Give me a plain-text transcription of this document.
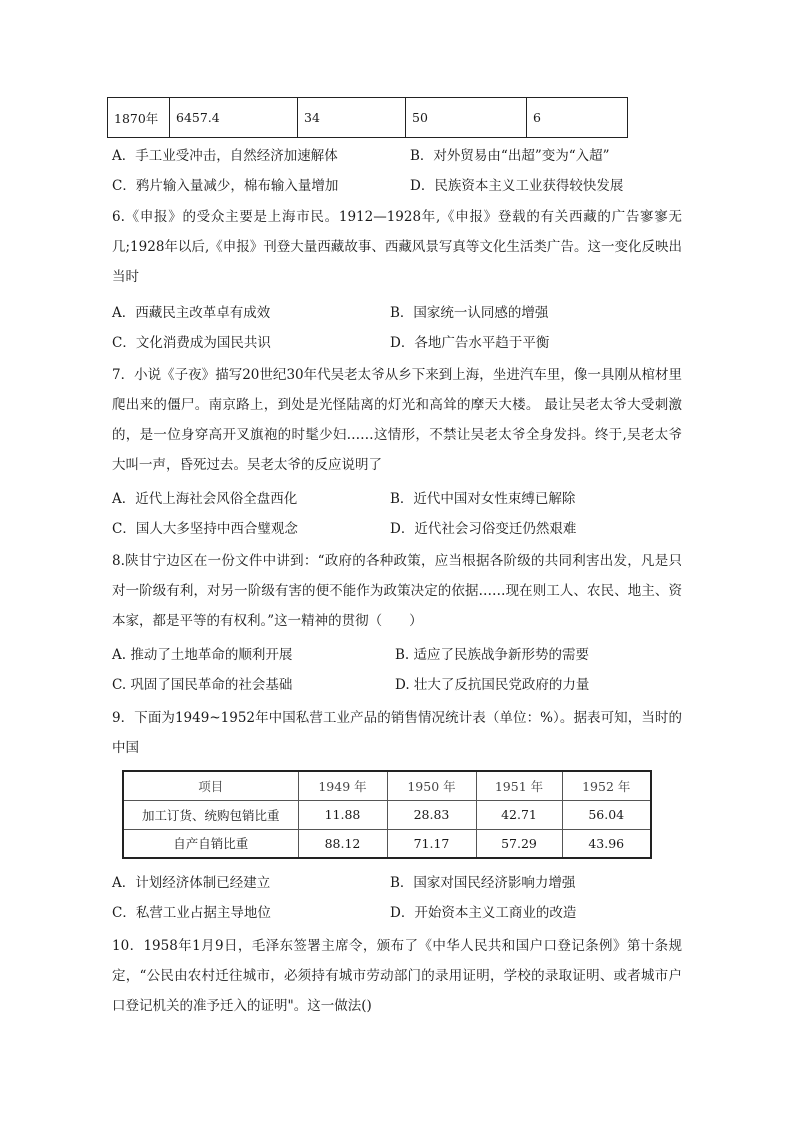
1870年	6457.4	34	50	6
A．手工业受冲击，自然经济加速解体	B．对外贸易由“出超”变为“入超”
C．鸦片输入量减少，棉布输入量增加	D．民族资本主义工业获得较快发展
6.《申报》的受众主要是上海市民。1912—1928年,《申报》登载的有关西藏的广告寥寥无几;1928年以后,《申报》刊登大量西藏故事、西藏风景写真等文化生活类广告。这一变化反映出当时
A．西藏民主改革卓有成效	B．国家统一认同感的增强
C．文化消费成为国民共识	D．各地广告水平趋于平衡
7．小说《子夜》描写20世纪30年代吴老太爷从乡下来到上海，坐进汽车里，像一具刚从棺材里爬出来的僵尸。南京路上，到处是光怪陆离的灯光和高耸的摩天大楼。 最让吴老太爷大受刺激的，是一位身穿高开叉旗袍的时髦少妇……这情形，不禁让吴老太爷全身发抖。终于,吴老太爷大叫一声，昏死过去。吴老太爷的反应说明了
A．近代上海社会风俗全盘西化	B．近代中国对女性束缚已解除
C．国人大多坚持中西合璧观念	D．近代社会习俗变迁仍然艰难
8.陕甘宁边区在一份文件中讲到：“政府的各种政策，应当根据各阶级的共同利害出发，凡是只对一阶级有利，对另一阶级有害的便不能作为政策决定的依据……现在则工人、农民、地主、资本家，都是平等的有权利。”这一精神的贯彻（　　）
A. 推动了土地革命的顺利开展	B. 适应了民族战争新形势的需要
C. 巩固了国民革命的社会基础	D. 壮大了反抗国民党政府的力量
9．下面为1949~1952年中国私营工业产品的销售情况统计表（单位：%）。据表可知，当时的中国
项目	1949 年	1950 年	1951 年	1952 年
加工订货、统购包销比重	11.88	28.83	42.71	56.04
自产自销比重	88.12	71.17	57.29	43.96
A．计划经济体制已经建立	B．国家对国民经济影响力增强
C．私营工业占据主导地位	D．开始资本主义工商业的改造
10．1958年1月9日，毛泽东签署主席令，颁布了《中华人民共和国户口登记条例》第十条规定，“公民由农村迁往城市，必须持有城市劳动部门的录用证明，学校的录取证明、或者城市户口登记机关的准予迁入的证明"。这一做法()
